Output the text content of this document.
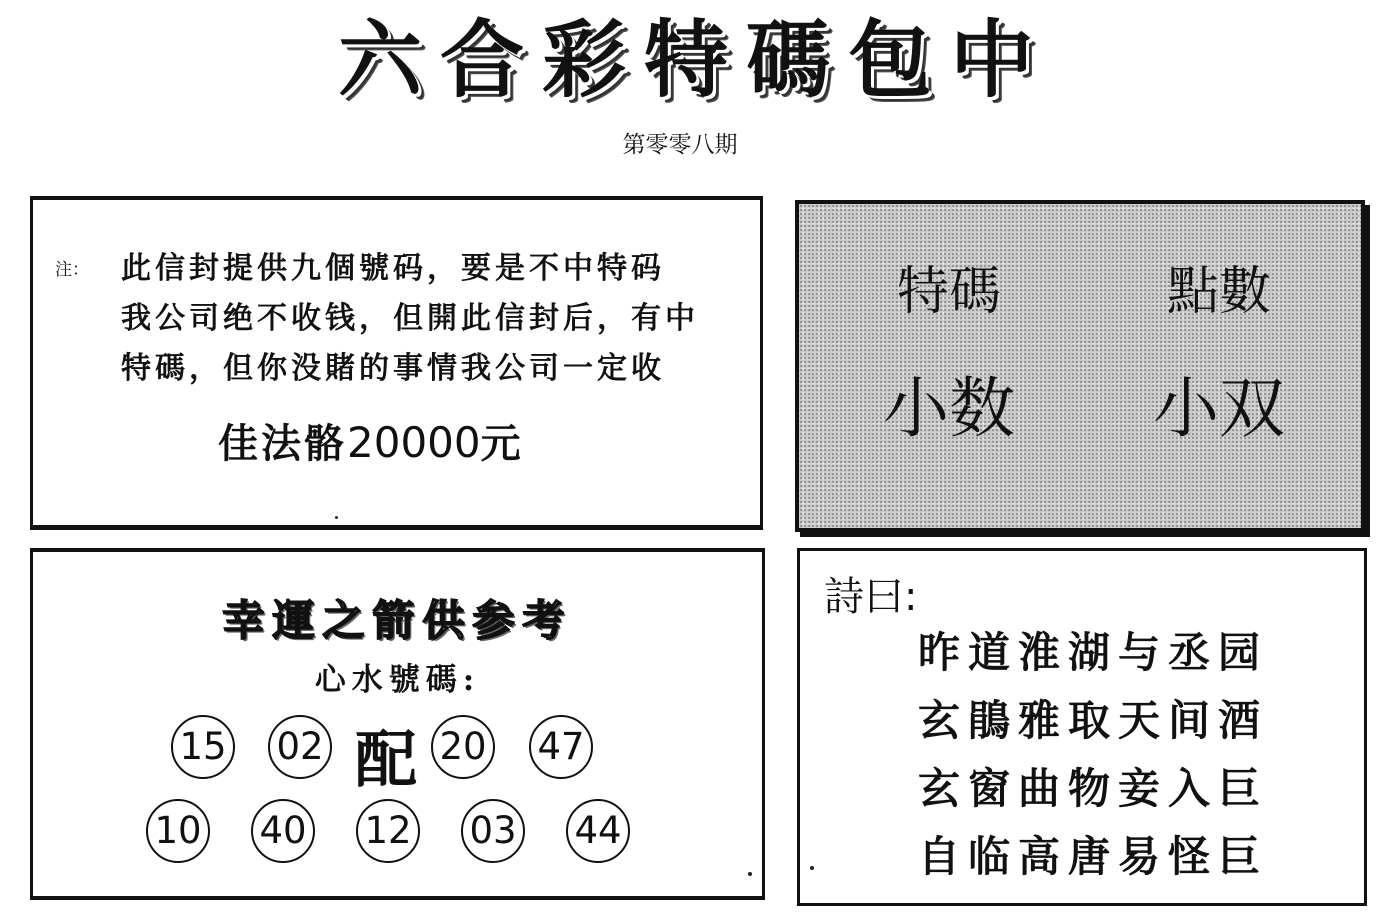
六合彩特碼包中
第零零八期
注： 此信封提供九個號码，要是不中特码
我公司绝不收钱，但開此信封后，有中
特碼，但你没賭的事情我公司一定收
佳法骼20000元
特碼
小数
點數
小双
幸運之箭供参考
心水號碼:
15 02 配 20 47
10 40 12 03 44
詩曰:
昨道淮湖与丞园
玄鵑雅取天间酒
玄窗曲物妾入巨
自临高唐易怪巨
